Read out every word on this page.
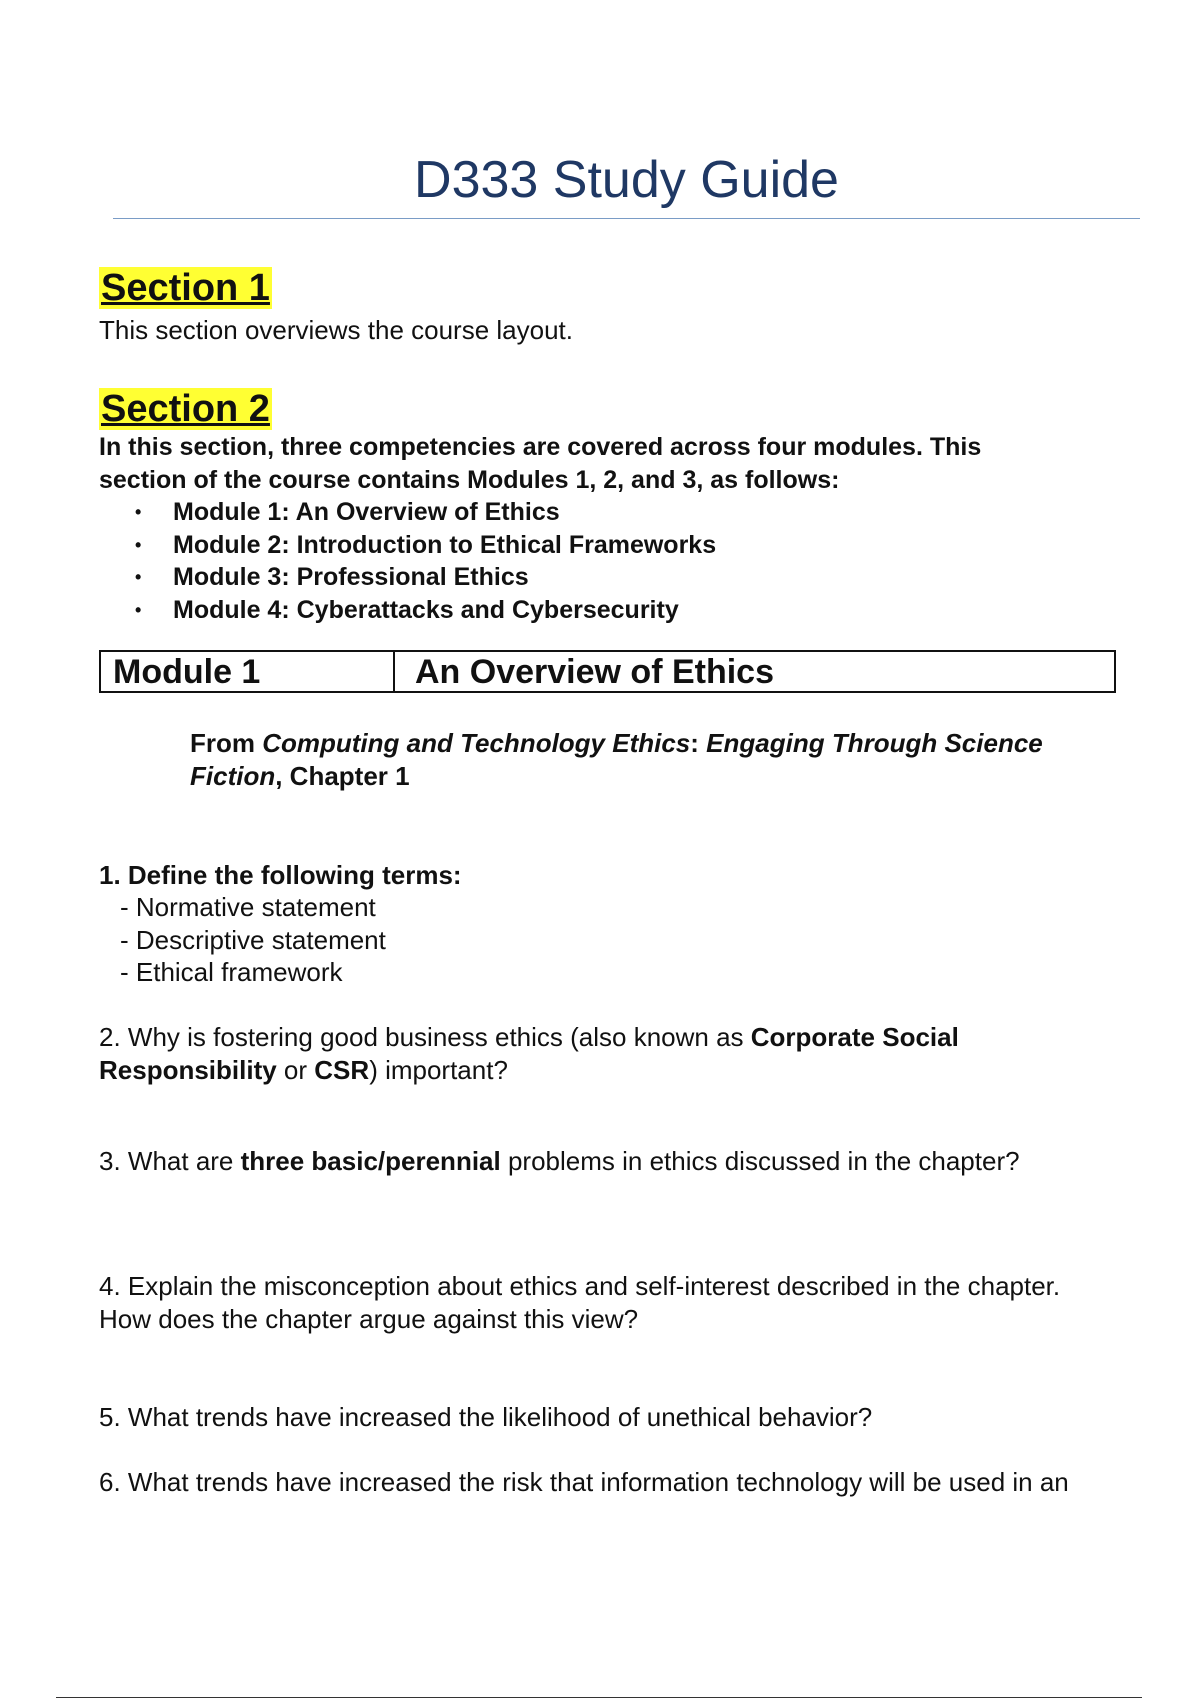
D333 Study Guide
Section 1

This section overviews the course layout.

Section 2

In this section, three competencies are covered across four modules. This
section of the course contains Modules 1, 2, and 3, as follows:

• Module 1: An Overview of Ethics
• Module 2: Introduction to Ethical Frameworks
• Module 3: Professional Ethics
• Module 4: Cyberattacks and Cybersecurity
Module 1	An Overview of Ethics

From Computing and Technology Ethics: Engaging Through Science
Fiction, Chapter 1

1. Define the following terms:

- Normative statement
- Descriptive statement
- Ethical framework

2. Why is fostering good business ethics (also known as Corporate Social
Responsibility or CSR) important?

3. What are three basic/perennial problems in ethics discussed in the chapter?

4. Explain the misconception about ethics and self-interest described in the chapter.
How does the chapter argue against this view?

5. What trends have increased the likelihood of unethical behavior?

6. What trends have increased the risk that information technology will be used in an
